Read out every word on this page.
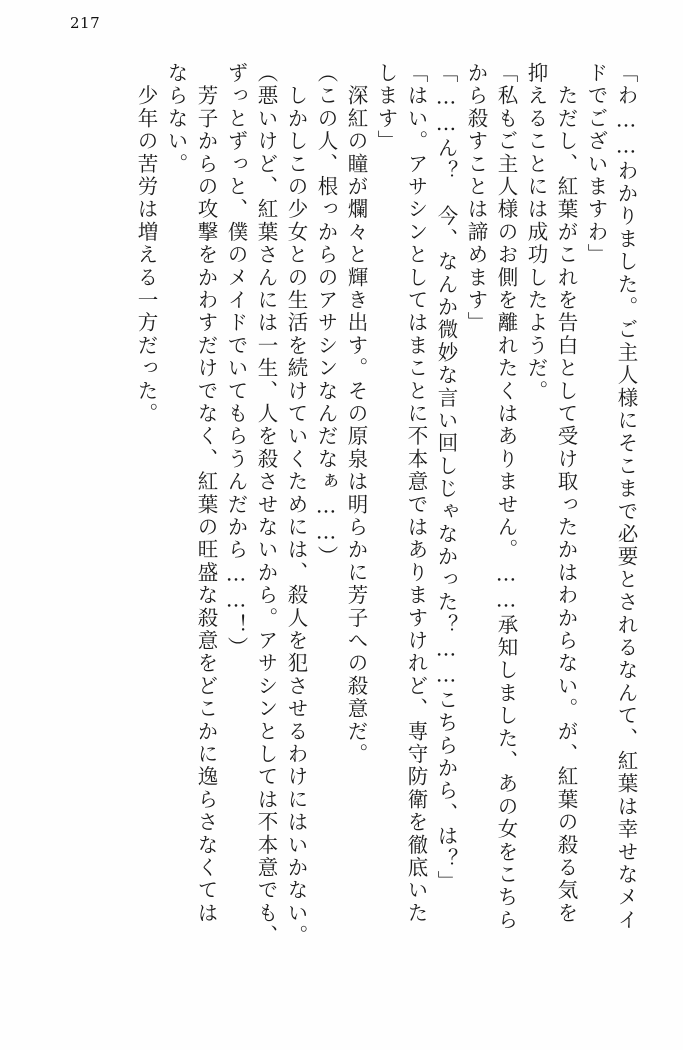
217
「わ……わかりました。ご主人様にそこまで必要とされるなんて、紅葉は幸せなメイ
ドでございますわ」
　ただし、紅葉がこれを告白として受け取ったかはわからない。が、紅葉の殺る気を
抑えることには成功したようだ。
「私もご主人様のお側を離れたくはありません。……承知しました、あの女をこちら
から殺すことは諦めます」
「……ん？　今、なんか微妙な言い回しじゃなかった？……こちらから、は？」
「はい。アサシンとしてはまことに不本意ではありますけれど、専守防衛を徹底いた
します」
　深紅の瞳が爛々と輝き出す。その原泉は明らかに芳子への殺意だ。
（この人、根っからのアサシンなんだなぁ……）
　しかしこの少女との生活を続けていくためには、殺人を犯させるわけにはいかない。
（悪いけど、紅葉さんには一生、人を殺させないから。アサシンとしては不本意でも、
ずっとずっと、僕のメイドでいてもらうんだから……！）
　芳子からの攻撃をかわすだけでなく、紅葉の旺盛な殺意をどこかに逸らさなくては
ならない。
　少年の苦労は増える一方だった。
